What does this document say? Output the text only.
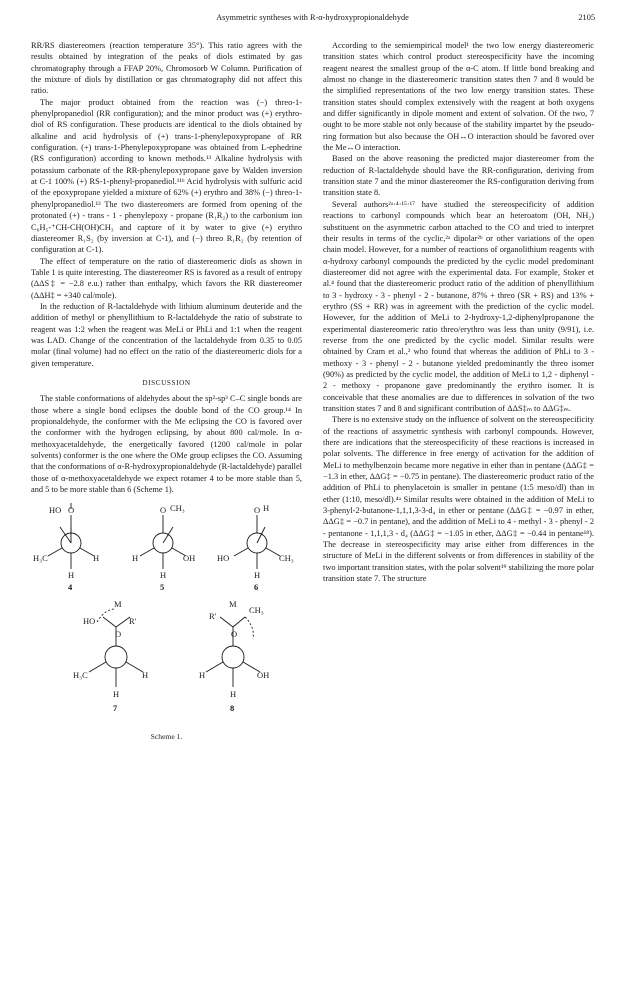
Asymmetric syntheses with R-α-hydroxypropionaldehyde	2105

RR/RS diastereomers (reaction temperature 35°). This ratio agrees with the results obtained by integration of the peaks of diols estimated by gas chromatography through a FFAP 20%, Chromosorb W Column. Purification of the mixture of diols by distillation or gas chromatography did not affect this ratio.

The major product obtained from the reaction was (−) threo-1-phenylpropanediol (RR configuration); and the minor product was (+) erythro-diol of RS configuration. These products are identical to the diols obtained by alkaline and acid hydrolysis of (+) trans-1-phenylepoxypropane of RR configuration. (+) trans-1-Phenylepoxypropane was obtained from L-ephedrine (RS configuration) according to known methods.¹³ Alkaline hydrolysis with potassium carbonate of the RR-phenylepoxypropane gave by Walden inversion at C-1 100% (+) RS-1-phenyl-propanediol.¹¹ᵇ Acid hydrolysis with sulfuric acid of the epoxypropane yielded a mixture of 62% (+) erythro and 38% (−) threo-1-phenylpropanediol.¹³ The two diastereomers are formed from opening of the protonated (+) - trans - 1 - phenylepoxy - propane (R₁R₂) to the carbonium ion C₆H₅-⁺CH-CH(OH)CH₃ and capture of it by water to give (+) erythro diastereomer R₁S₂ (by inversion at C-1), and (−) threo R₁R₂ (by retention of configuration at C-1).

The effect of temperature on the ratio of diastereomeric diols as shown in Table 1 is quite interesting. The diastereomer RS is favored as a result of entropy (ΔΔS‡ = −2.8 e.u.) rather than enthalpy, which favors the RR diastereomer (ΔΔH‡ = +340 cal/mole).

In the reduction of R-lactaldehyde with lithium aluminum deuteride and the addition of methyl or phenyllithium to R-lactaldehyde the ratio of substrate to reagent was 1:2 when the reagent was MeLi or PhLi and 1:1 when the reagent was LAD. Change of the concentration of the lactaldehyde from 0.35 to 0.05 molar (final volume) had no effect on the ratio of the diastereomeric diols for a given temperature.

DISCUSSION

The stable conformations of aldehydes about the sp²-sp³ C–C single bonds are those where a single bond eclipses the double bond of the CO group.¹⁴ In propionaldehyde, the conformer with the Me eclipsing the CO is favored over the conformer with the hydrogen eclipsing, by about 800 cal/mole. In α-methoxyacetaldehyde, the energetically favored (1200 cal/mole in polar solvents) conformer is the one where the OMe group eclipses the CO. Assuming that the conformations of α-R-hydroxypropionaldehyde (R-lactaldehyde) parallel those of α-methoxyacetaldehyde we expect rotamer 4 to be more stable than 5, and 5 to be more stable than 6 (Scheme 1).

HO O
H₃C	H
H
4
O CH₃
H	OH
H
5
O H
HO	CH₃
H
6
M
HO	R'
O
H₃C	H
H
7
M
R'
CH₃
O
H	OH
H
8
Scheme 1.

According to the semiempirical model¹ the two low energy diastereomeric transition states which control product stereospecificity have the incoming reagent nearest the smallest group of the α-C atom. If little bond breaking and almost no change in the diastereomeric transition states then 7 and 8 would be the simplified representations of the two low energy transition states. These transition states should complex extensively with the reagent at both oxygens and differ significantly in dipole moment and extent of solvation. Of the two, 7 ought to be more stable not only because of the stability impartet by the pseudo-ring formation but also because the OH↔O interaction should be favored over the Me↔O interaction.

Based on the above reasoning the predicted major diastereomer from the reduction of R-lactaldehyde should have the RR-configuration, deriving from transition state 7 and the minor diastereomer the RS-configuration deriving from transition state 8.

Several authors²ᵃ·⁴·¹⁵·¹⁷ have studied the stereospecificity of addition reactions to carbonyl compounds which bear an heteroatom (OH, NH₂) substituent on the asymmetric carbon attached to the CO and tried to interpret their results in terms of the cyclic,²ᵃ dipolar²ᵇ or other variations of the open chain model. However, for a number of reactions of organolithium reagents with α-hydroxy carbonyl compounds the predicted by the cyclic model predominant diastereomer did not agree with the experimental data. For example, Stoker et al.⁴ found that the diastereomeric product ratio of the addition of phenyllithium to 3 - hydroxy - 3 - phenyl - 2 - butanone, 87% + threo (SR + RS) and 13% + erythro (SS + RR) was in agreement with the prediction of the cyclic model. However, for the addition of MeLi to 2-hydroxy-1,2-diphenylpropanone the experimental diastereomeric ratio threo/erythro was less than unity (9/91), i.e. reverse from the one predicted by the cyclic model. Similar results were obtained by Cram et al.,² who found that whereas the addition of PhLi to 3 - methoxy - 3 - phenyl - 2 - butanone yielded predominantly the threo isomer (90%) as predicted by the cyclic model, the addition of MeLi to 1,2 - diphenyl - 2 - methoxy - propanone gave predominantly the erythro isomer. It is conceivable that these anomalies are due to differences in solvation of the two transition states 7 and 8 and significant contribution of ΔΔS‡ₘ to ΔΔG‡ₘ.

There is no extensive study on the influence of solvent on the stereospecificity of the reactions of assymetric synthesis with carbonyl compounds. However, there are indications that the stereospecificity of these reactions is increased in polar solvents. The difference in free energy of activation for the addition of MeLi to methylbenzoin became more negative in ether than in pentane (ΔΔG‡ = −1.3 in ether, ΔΔG‡ = −0.75 in pentane). The diastereomeric product ratio of the addition of PhLi to phenylacetoin is smaller in pentane (1:5 meso/dl) than in ether (1:10, meso/dl).⁴ᵃ Similar results were obtained in the addition of MeLi to 3-phenyl-2-butanone-1,1,1,3-3-d₄ in ether or pentane (ΔΔG‡ = −0.97 in ether, ΔΔG‡ = −0.7 in pentane), and the addition of MeLi to 4 - methyl - 3 - phenyl - 2 - pentanone - 1,1,1,3 - d₄ (ΔΔG‡ = −1.05 in ether, ΔΔG‡ = −0.44 in pentane¹⁸). The decrease in stereospecificity may arise either from differences in the structure of MeLi in the different solvents or from differences in stability of the two important transition states, with the polar solvent¹⁹ stabilizing the more polar transition state 7. The structure
